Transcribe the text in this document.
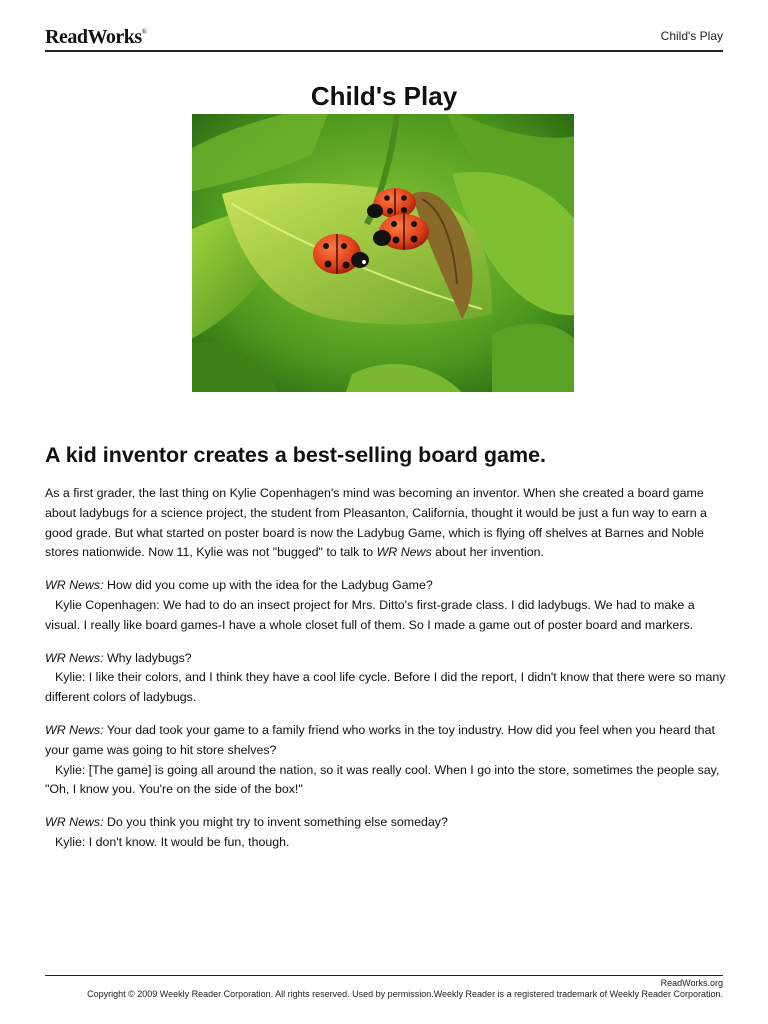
ReadWorks®	Child's Play
Child's Play
A kid inventor creates a best-selling board game.

As a first grader, the last thing on Kylie Copenhagen's mind was becoming an inventor. When she created a board game about ladybugs for a science project, the student from Pleasanton, California, thought it would be just a fun way to earn a good grade. But what started on poster board is now the Ladybug Game, which is flying off shelves at Barnes and Noble stores nationwide. Now 11, Kylie was not "bugged" to talk to WR News about her invention.

WR News: How did you come up with the idea for the Ladybug Game?
Kylie Copenhagen: We had to do an insect project for Mrs. Ditto's first-grade class. I did ladybugs. We had to make a visual. I really like board games-I have a whole closet full of them. So I made a game out of poster board and markers.

WR News: Why ladybugs?
Kylie: I like their colors, and I think they have a cool life cycle. Before I did the report, I didn't know that there were so many different colors of ladybugs.

WR News: Your dad took your game to a family friend who works in the toy industry. How did you feel when you heard that your game was going to hit store shelves?
Kylie: [The game] is going all around the nation, so it was really cool. When I go into the store, sometimes the people say, "Oh, I know you. You're on the side of the box!"

WR News: Do you think you might try to invent something else someday?
Kylie: I don't know. It would be fun, though.

ReadWorks.org
Copyright © 2009 Weekly Reader Corporation. All rights reserved. Used by permission.Weekly Reader is a registered trademark of Weekly Reader Corporation.
